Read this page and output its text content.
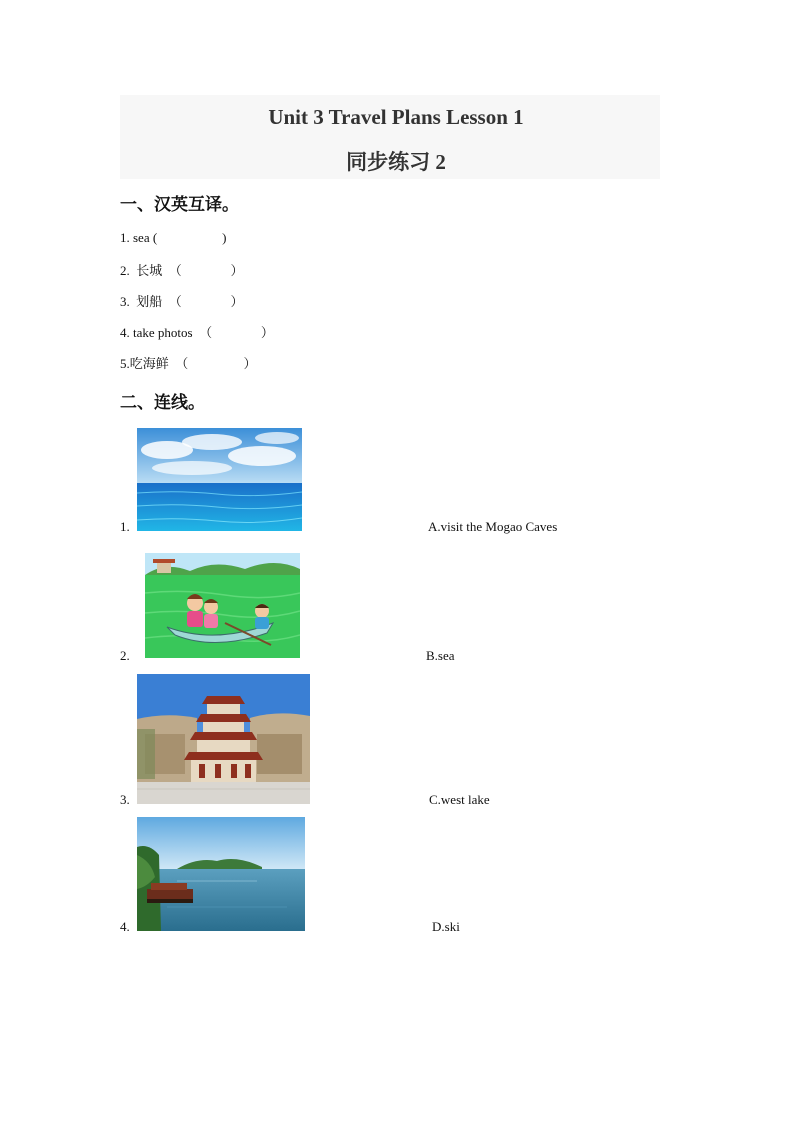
Unit 3 Travel Plans Lesson 1
同步练习 2
一、汉英互译。
1. sea (                    )
2.  长城  （               ）
3.  划船  （               ）
4. take photos  （               ）
5.吃海鲜  （                 ）
二、连线。
1.	A.visit the Mogao Caves
2.	B.sea
3.	C.west lake
4.	D.ski
